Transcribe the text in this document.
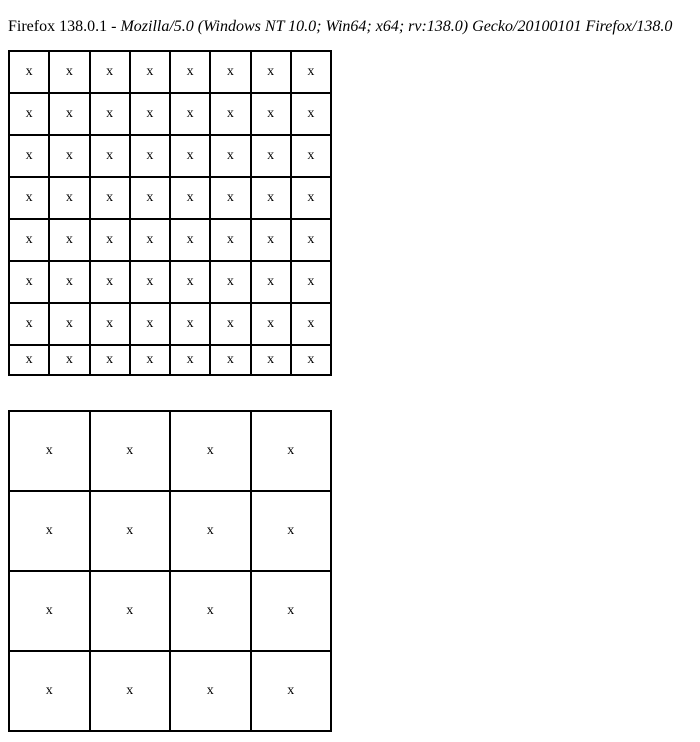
Firefox 138.0.1 - Mozilla/5.0 (Windows NT 10.0; Win64; x64; rv:138.0) Gecko/20100101 Firefox/138.0
x	x	x	x	x	x	x	x
x	x	x	x	x	x	x	x
x	x	x	x	x	x	x	x
x	x	x	x	x	x	x	x
x	x	x	x	x	x	x	x
x	x	x	x	x	x	x	x
x	x	x	x	x	x	x	x
x	x	x	x	x	x	x	x
x	x	x	x
x	x	x	x
x	x	x	x
x	x	x	x
